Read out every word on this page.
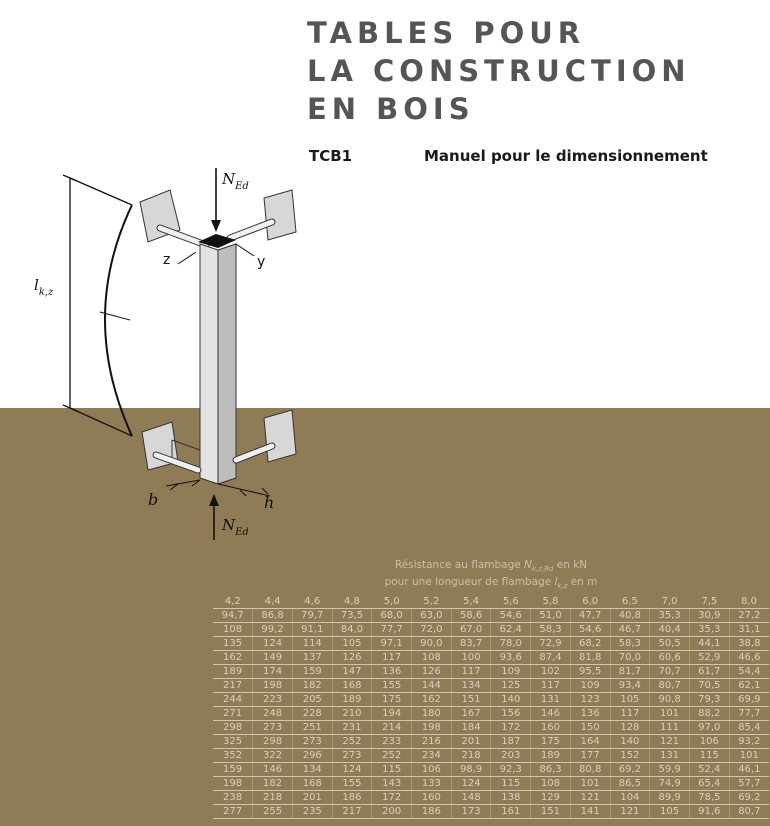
TABLES POUR
LA CONSTRUCTION
EN BOIS
TCB1	Manuel pour le dimensionnement
$l_{k,z}$
z	y
$N_{Ed}$
$N_{Ed}$
b	h
Résistance au flambage $N_{k,z,Rd}$ en kN
pour une longueur de flambage $l_{k,z}$ en m
4,2	4,4	4,6	4,8	5,0	5,2	5,4	5,6	5,8	6,0	6,5	7,0	7,5	8,0
94,7	86,8	79,7	73,5	68,0	63,0	58,6	54,6	51,0	47,7	40,8	35,3	30,9	27,2
108	99,2	91,1	84,0	77,7	72,0	67,0	62,4	58,3	54,6	46,7	40,4	35,3	31,1
135	124	114	105	97,1	90,0	83,7	78,0	72,9	68,2	58,3	50,5	44,1	38,8
162	149	137	126	117	108	100	93,6	87,4	81,8	70,0	60,6	52,9	46,6
189	174	159	147	136	126	117	109	102	95,5	81,7	70,7	61,7	54,4
217	198	182	168	155	144	134	125	117	109	93,4	80,7	70,5	62,1
244	223	205	189	175	162	151	140	131	123	105	90,8	79,3	69,9
271	248	228	210	194	180	167	156	146	136	117	101	88,2	77,7
298	273	251	231	214	198	184	172	160	150	128	111	97,0	85,4
325	298	273	252	233	216	201	187	175	164	140	121	106	93,2
352	322	296	273	252	234	218	203	189	177	152	131	115	101
159	146	134	124	115	106	98,9	92,3	86,3	80,8	69,2	59,9	52,4	46,1
198	182	168	155	143	133	124	115	108	101	86,5	74,9	65,4	57,7
238	218	201	186	172	160	148	138	129	121	104	89,9	78,5	69,2
277	255	235	217	200	186	173	161	151	141	121	105	91,6	80,7
